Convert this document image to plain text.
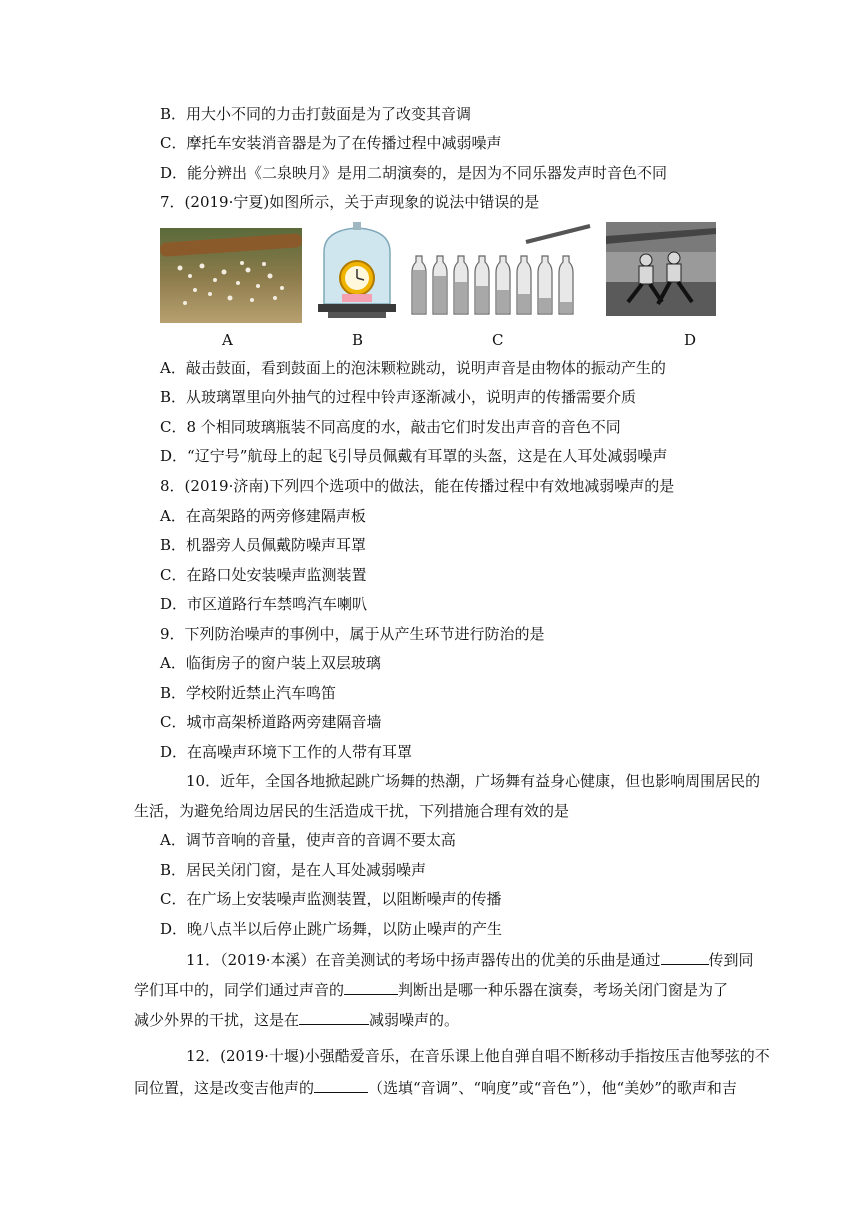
B．用大小不同的力击打鼓面是为了改变其音调
C．摩托车安装消音器是为了在传播过程中减弱噪声
D．能分辨出《二泉映月》是用二胡演奏的，是因为不同乐器发声时音色不同
7．(2019·宁夏)如图所示，关于声现象的说法中错误的是
A	B	C	D
A．敲击鼓面，看到鼓面上的泡沫颗粒跳动，说明声音是由物体的振动产生的
B．从玻璃罩里向外抽气的过程中铃声逐渐减小，说明声的传播需要介质
C．8 个相同玻璃瓶装不同高度的水，敲击它们时发出声音的音色不同
D．“辽宁号”航母上的起飞引导员佩戴有耳罩的头盔，这是在人耳处减弱噪声
8．(2019·济南)下列四个选项中的做法，能在传播过程中有效地减弱噪声的是
A．在高架路的两旁修建隔声板
B．机器旁人员佩戴防噪声耳罩
C．在路口处安装噪声监测装置
D．市区道路行车禁鸣汽车喇叭
9．下列防治噪声的事例中，属于从产生环节进行防治的是
A．临街房子的窗户装上双层玻璃
B．学校附近禁止汽车鸣笛
C．城市高架桥道路两旁建隔音墙
D．在高噪声环境下工作的人带有耳罩
10．近年，全国各地掀起跳广场舞的热潮，广场舞有益身心健康，但也影响周围居民的
生活，为避免给周边居民的生活造成干扰，下列措施合理有效的是
A．调节音响的音量，使声音的音调不要太高
B．居民关闭门窗，是在人耳处减弱噪声
C．在广场上安装噪声监测装置，以阻断噪声的传播
D．晚八点半以后停止跳广场舞，以防止噪声的产生
11．（2019·本溪）在音美测试的考场中扬声器传出的优美的乐曲是通过	传到同
学们耳中的，同学们通过声音的	判断出是哪一种乐器在演奏，考场关闭门窗是为了
减少外界的干扰，这是在	减弱噪声的。
12．(2019·十堰)小强酷爱音乐，在音乐课上他自弹自唱不断移动手指按压吉他琴弦的不
同位置，这是改变吉他声的	（选填“音调”、“响度”或“音色”），他“美妙”的歌声和吉
